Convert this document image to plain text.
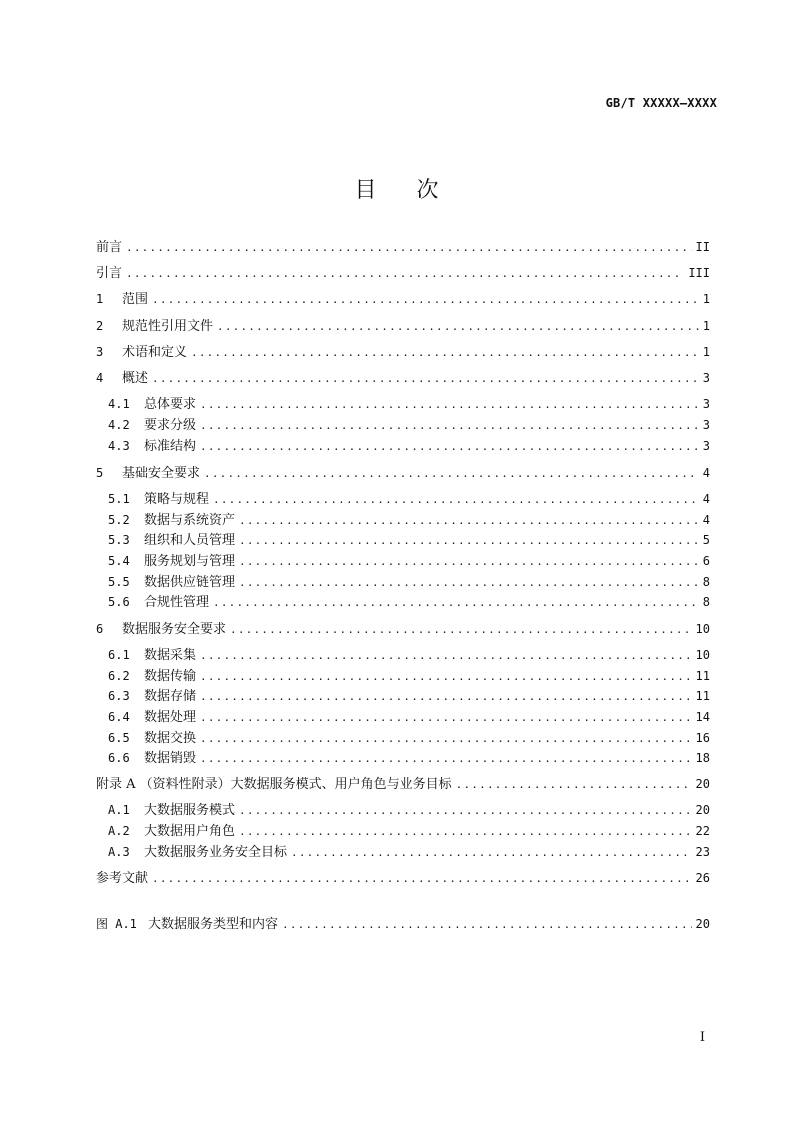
GB/T XXXXX—XXXX
目次
前言 .....	II
引言 .....	III
1	范围 .....	1
2	规范性引用文件 .....	1
3	术语和定义 .....	1
4	概述 .....	3
4.1	总体要求 .....	3
4.2	要求分级 .....	3
4.3	标准结构 .....	3
5	基础安全要求 .....	4
5.1	策略与规程 .....	4
5.2	数据与系统资产 .....	4
5.3	组织和人员管理 .....	5
5.4	服务规划与管理 .....	6
5.5	数据供应链管理 .....	8
5.6	合规性管理 .....	8
6	数据服务安全要求 .....	10
6.1	数据采集 .....	10
6.2	数据传输 .....	11
6.3	数据存储 .....	11
6.4	数据处理 .....	14
6.5	数据交换 .....	16
6.6	数据销毁 .....	18
附录 A （资料性附录）大数据服务模式、用户角色与业务目标 .....	20
A.1	大数据服务模式 .....	20
A.2	大数据用户角色 .....	22
A.3	大数据服务业务安全目标 .....	23
参考文献 .....	26
图 A.1 大数据服务类型和内容 .....	20
I
